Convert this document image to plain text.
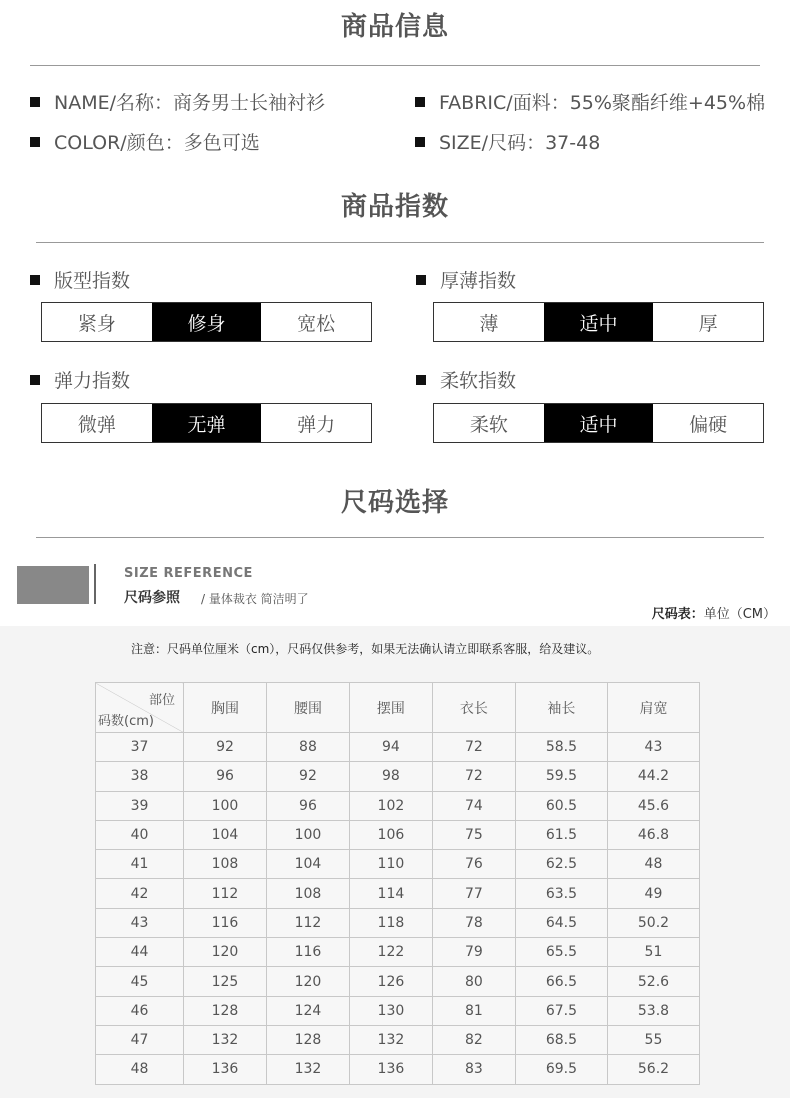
商品信息
NAME/名称：商务男士长袖衬衫	FABRIC/面料：55%聚酯纤维+45%棉
COLOR/颜色：多色可选	SIZE/尺码：37-48
商品指数
版型指数
紧身	修身	宽松
厚薄指数
薄	适中	厚
弹力指数
微弹	无弹	弹力
柔软指数
柔软	适中	偏硬
尺码选择
SIZE REFERENCE
尺码参照 / 量体裁衣 简洁明了
尺码表：单位（CM）
注意：尺码单位厘米（cm），尺码仅供参考，如果无法确认请立即联系客服，给及建议。
部位
码数(cm)	胸围	腰围	摆围	衣长	袖长	肩宽
37	92	88	94	72	58.5	43
38	96	92	98	72	59.5	44.2
39	100	96	102	74	60.5	45.6
40	104	100	106	75	61.5	46.8
41	108	104	110	76	62.5	48
42	112	108	114	77	63.5	49
43	116	112	118	78	64.5	50.2
44	120	116	122	79	65.5	51
45	125	120	126	80	66.5	52.6
46	128	124	130	81	67.5	53.8
47	132	128	132	82	68.5	55
48	136	132	136	83	69.5	56.2
